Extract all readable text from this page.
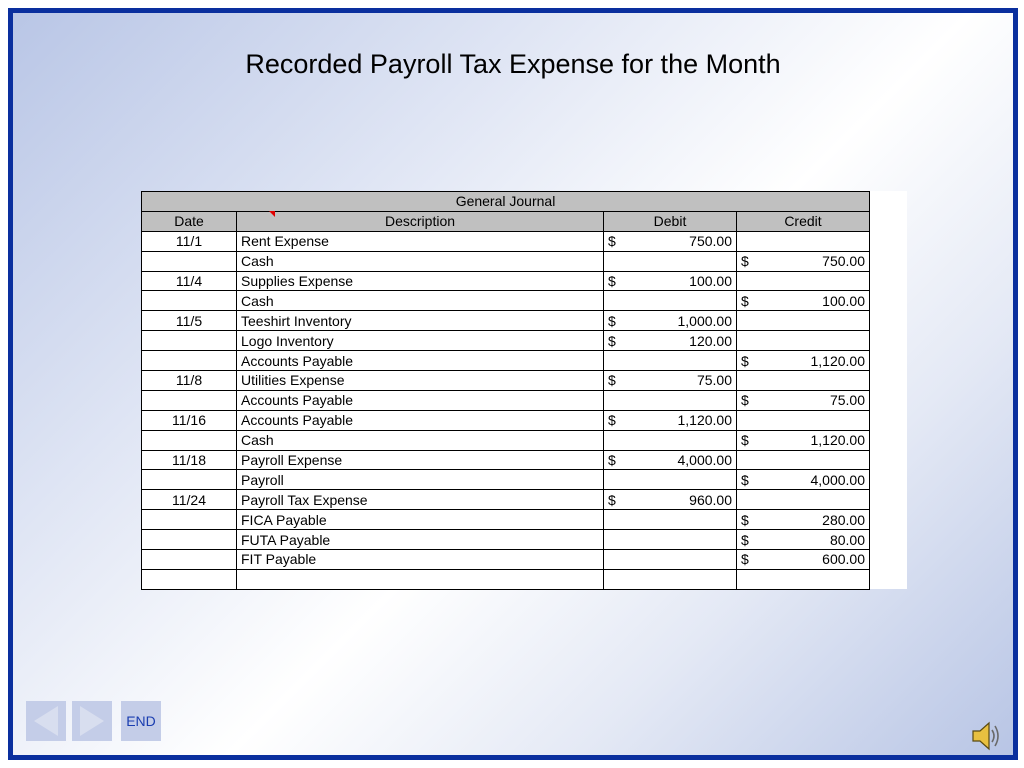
Recorded Payroll Tax Expense for the Month
General Journal			
Date	Description	Debit	Credit
11/1	Rent Expense	$ 750.00	

	Cash		$ 750.00

11/4	Supplies Expense	$ 100.00	

	Cash		$ 100.00

11/5	Teeshirt Inventory	$ 1,000.00	

	Logo Inventory	$ 120.00	

	Accounts Payable		$ 1,120.00

11/8	Utilities Expense	$ 75.00	

	Accounts Payable		$ 75.00

11/16	Accounts Payable	$ 1,120.00	

	Cash		$ 1,120.00

11/18	Payroll Expense	$ 4,000.00	

	Payroll		$ 4,000.00

11/24	Payroll Tax Expense	$ 960.00	

	FICA Payable		$ 280.00

	FUTA Payable		$ 80.00

	FIT Payable		$ 600.00

END
